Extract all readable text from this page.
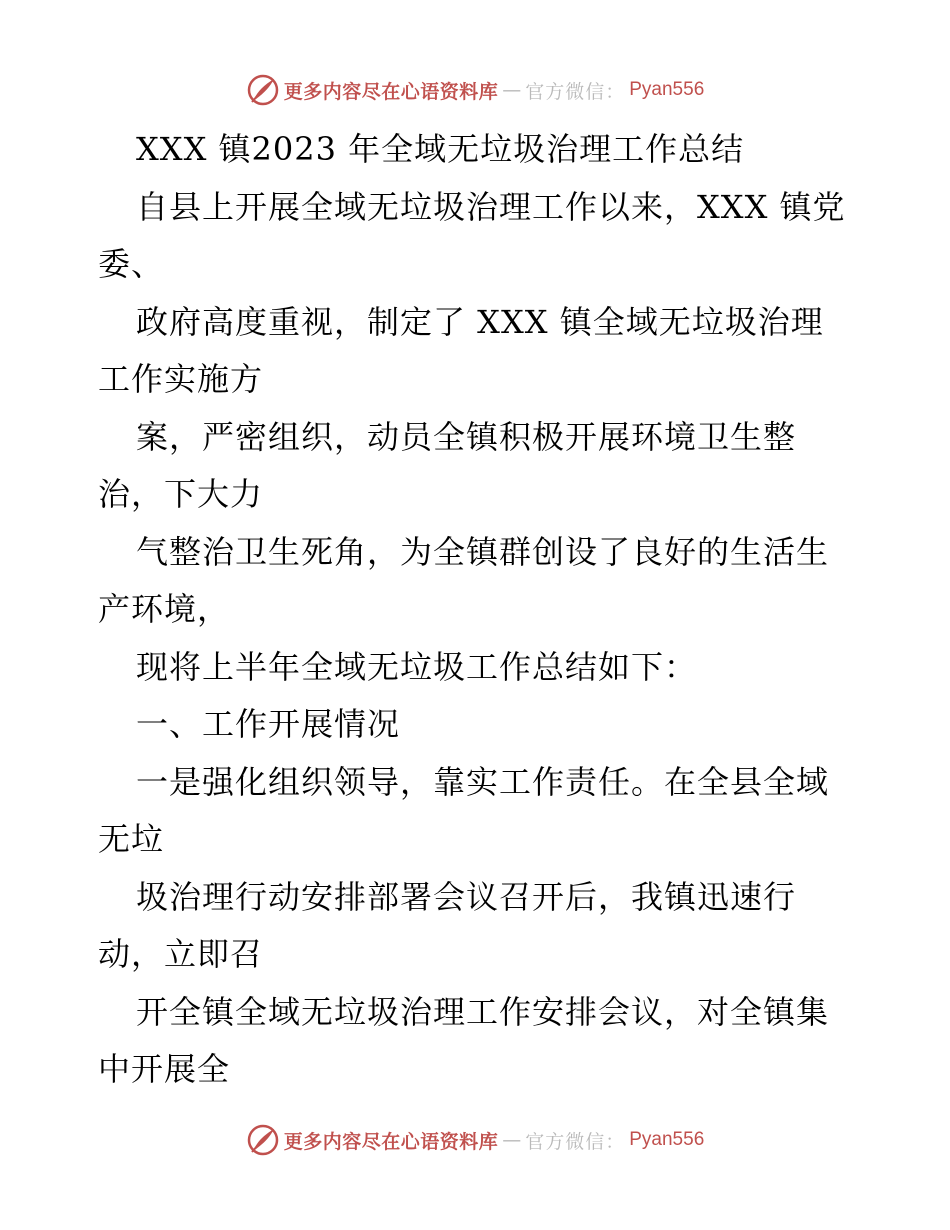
更多内容尽在心语资料库 — 官方微信： Pyan556
XXX 镇2023 年全域无垃圾治理工作总结
自县上开展全域无垃圾治理工作以来，XXX 镇党
委、
政府高度重视，制定了 XXX 镇全域无垃圾治理
工作实施方
案，严密组织，动员全镇积极开展环境卫生整
治，下大力
气整治卫生死角，为全镇群创设了良好的生活生
产环境，
现将上半年全域无垃圾工作总结如下：
一、工作开展情况
一是强化组织领导，靠实工作责任。在全县全域
无垃
圾治理行动安排部署会议召开后，我镇迅速行
动，立即召
开全镇全域无垃圾治理工作安排会议，对全镇集
中开展全
更多内容尽在心语资料库 — 官方微信： Pyan556
